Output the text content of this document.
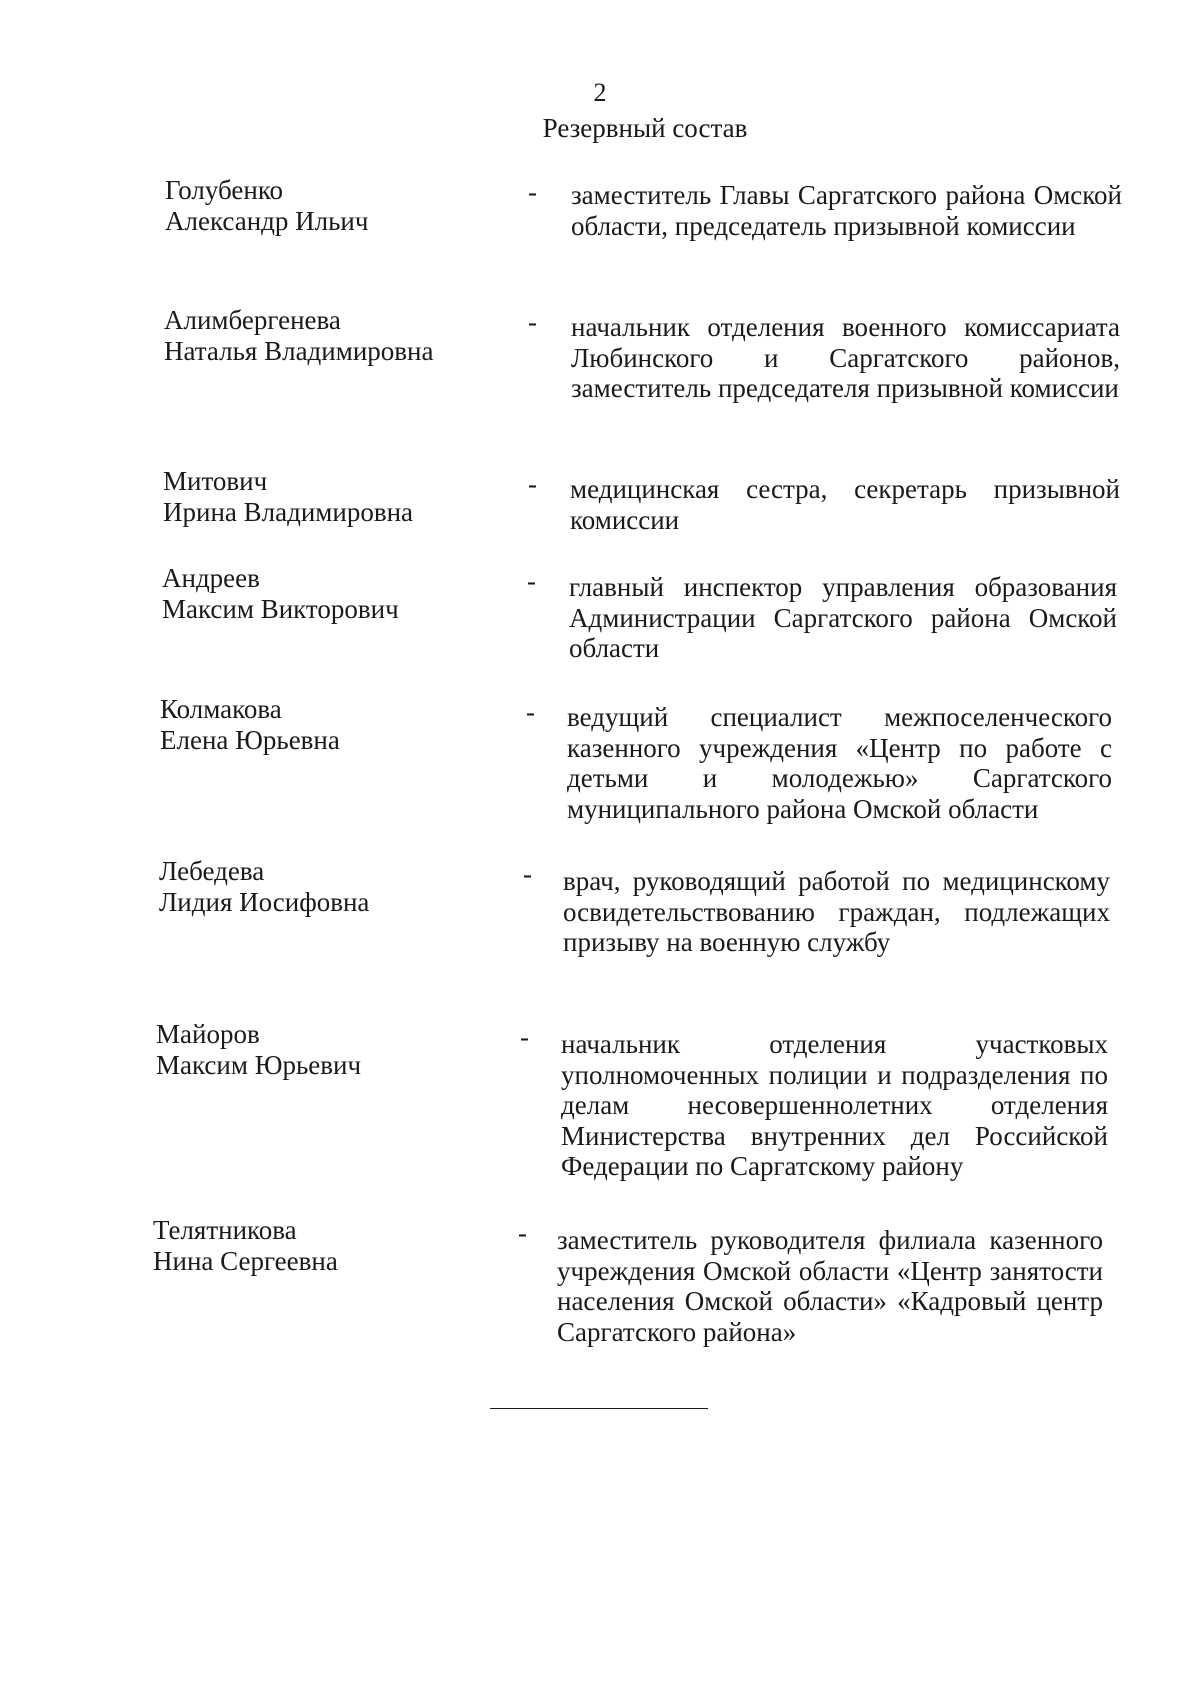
2
Резервный состав
Голубенко
Александр Ильич
- заместитель Главы Саргатского района Омской области, председатель призывной комиссии
Алимбергенева
Наталья Владимировна
- начальник отделения военного комиссариата Любинского и Саргатского районов, заместитель председателя призывной комиссии
Митович
Ирина Владимировна
- медицинская сестра, секретарь призывной комиссии
Андреев
Максим Викторович
- главный инспектор управления образования Администрации Саргатского района Омской области
Колмакова
Елена Юрьевна
- ведущий специалист межпоселенческого казенного учреждения «Центр по работе с детьми и молодежью» Саргатского муниципального района Омской области
Лебедева
Лидия Иосифовна
- врач, руководящий работой по медицинскому освидетельствованию граждан, подлежащих призыву на военную службу
Майоров
Максим Юрьевич
- начальник отделения участковых уполномоченных полиции и подразделения по делам несовершеннолетних отделения Министерства внутренних дел Российской Федерации по Саргатскому району
Телятникова
Нина Сергеевна
- заместитель руководителя филиала казенного учреждения Омской области «Центр занятости населения Омской области» «Кадровый центр Саргатского района»
